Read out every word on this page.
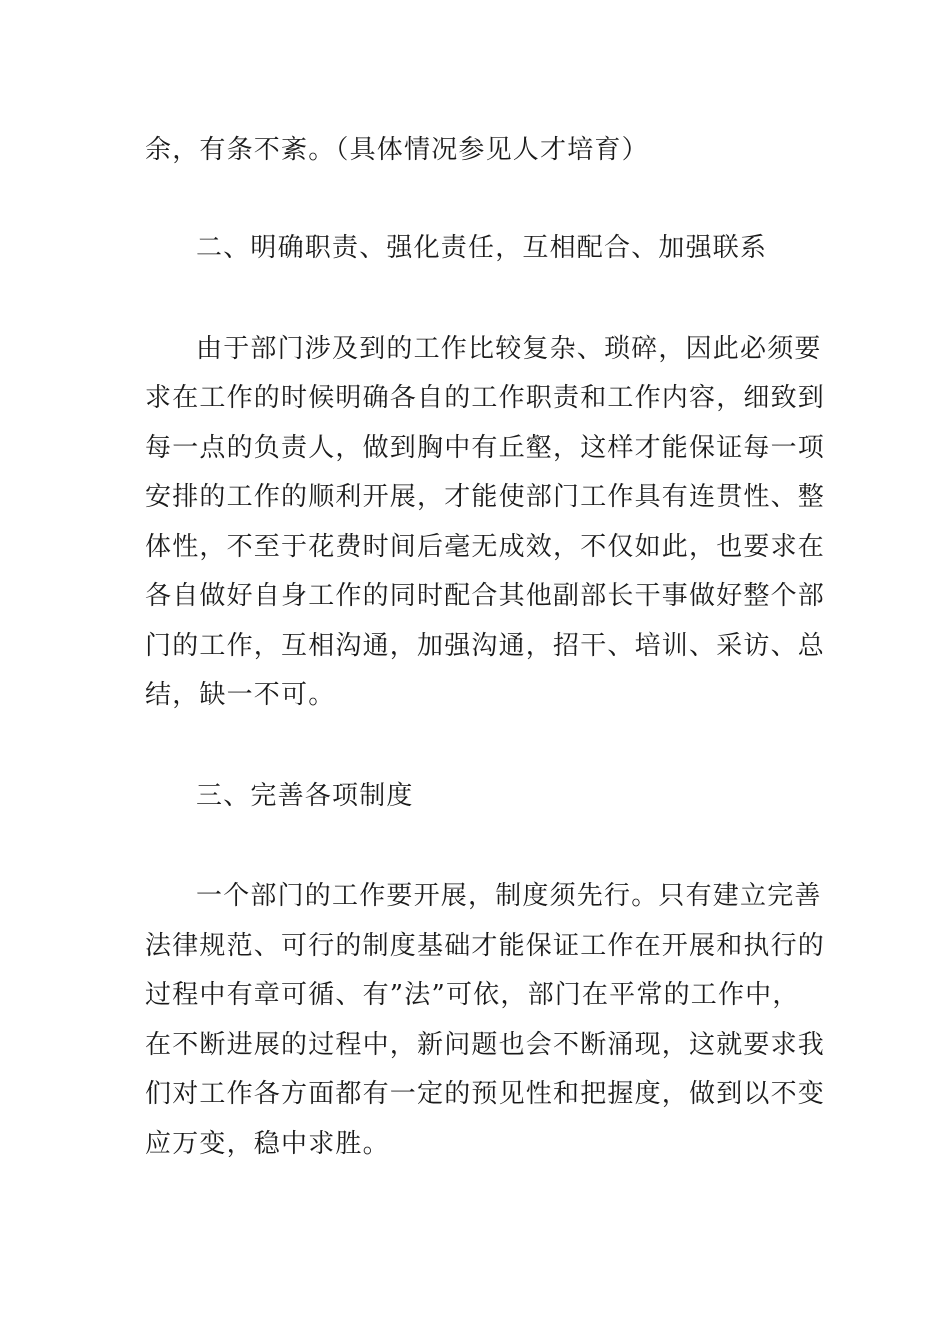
余，有条不紊。（具体情况参见人才培育）
二、明确职责、强化责任，互相配合、加强联系
由于部门涉及到的工作比较复杂、琐碎，因此必须要
求在工作的时候明确各自的工作职责和工作内容，细致到
每一点的负责人，做到胸中有丘壑，这样才能保证每一项
安排的工作的顺利开展，才能使部门工作具有连贯性、整
体性，不至于花费时间后毫无成效，不仅如此，也要求在
各自做好自身工作的同时配合其他副部长干事做好整个部
门的工作，互相沟通，加强沟通，招干、培训、采访、总
结，缺一不可。
三、完善各项制度
一个部门的工作要开展，制度须先行。只有建立完善
法律规范、可行的制度基础才能保证工作在开展和执行的
过程中有章可循、有”法”可依，部门在平常的工作中，
在不断进展的过程中，新问题也会不断涌现，这就要求我
们对工作各方面都有一定的预见性和把握度，做到以不变
应万变，稳中求胜。
